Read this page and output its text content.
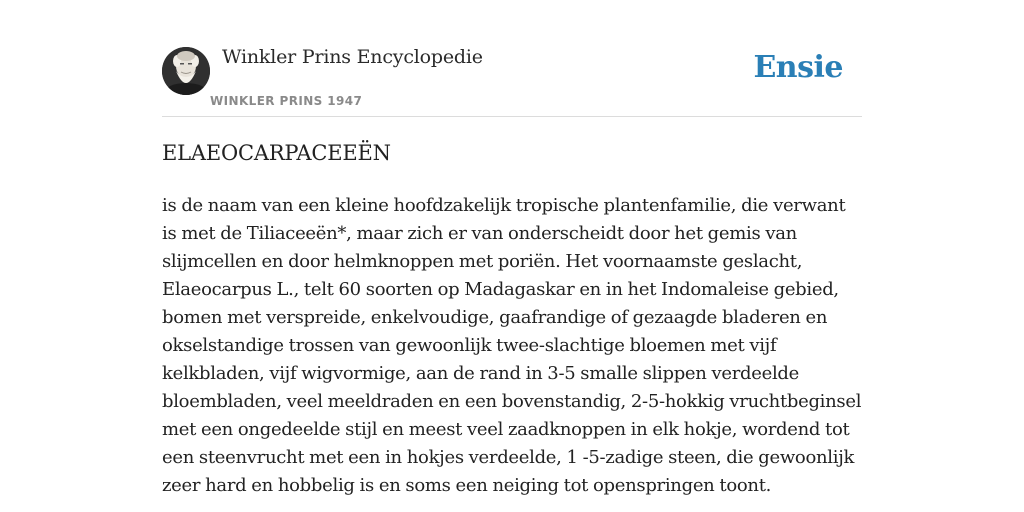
Winkler Prins Encyclopedie
WINKLER PRINS 1947
Ensie
ELAEOCARPACEEËN

is de naam van een kleine hoofdzakelijk tropische plantenfamilie, die verwant is met de Tiliaceeën*, maar zich er van onderscheidt door het gemis van slijmcellen en door helmknoppen met poriën. Het voornaamste geslacht, Elaeocarpus L., telt 60 soorten op Madagaskar en in het Indomaleise gebied, bomen met verspreide, enkelvoudige, gaafrandige of gezaagde bladeren en okselstandige trossen van gewoonlijk twee-slachtige bloemen met vijf kelkbladen, vijf wigvormige, aan de rand in 3-5 smalle slippen verdeelde bloembladen, veel meeldraden en een bovenstandig, 2-5-hokkig vruchtbeginsel met een ongedeelde stijl en meest veel zaadknoppen in elk hokje, wordend tot een steenvrucht met een in hokjes verdeelde, 1 -5-zadige steen, die gewoonlijk zeer hard en hobbelig is en soms een neiging tot openspringen toont.
